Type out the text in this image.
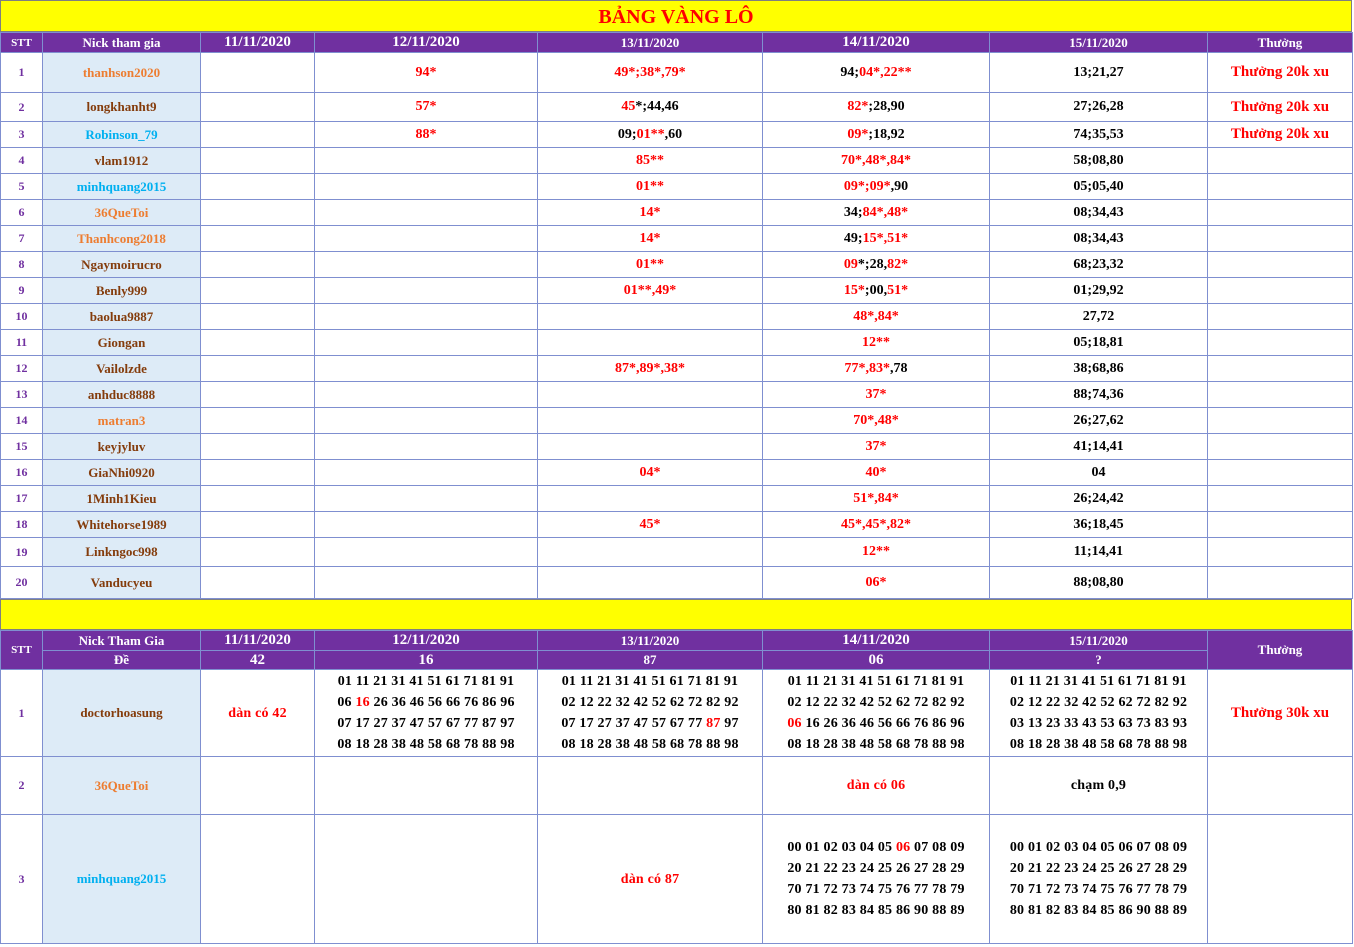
BẢNG VÀNG LÔ
STT	Nick tham gia	11/11/2020	12/11/2020	13/11/2020	14/11/2020	15/11/2020	Thưởng
1	thanhson2020		94*	49*;38*,79*	94;04*,22**	13;21,27	Thưởng 20k xu
2	longkhanht9		57*	45*;44,46	82*;28,90	27;26,28	Thưởng 20k xu
3	Robinson_79		88*	09;01**,60	09*;18,92	74;35,53	Thưởng 20k xu
4	vlam1912			85**	70*,48*,84*	58;08,80	
5	minhquang2015			01**	09*;09*,90	05;05,40	
6	36QueToi			14*	34;84*,48*	08;34,43	
7	Thanhcong2018			14*	49;15*,51*	08;34,43	
8	Ngaymoirucro			01**	09*;28,82*	68;23,32	
9	Benly999			01**,49*	15*;00,51*	01;29,92	
10	baolua9887				48*,84*	27,72	
11	Giongan				12**	05;18,81	
12	Vailolzde			87*,89*,38*	77*,83*,78	38;68,86	
13	anhduc8888				37*	88;74,36	
14	matran3				70*,48*	26;27,62	
15	keyjyluv				37*	41;14,41	
16	GiaNhi0920			04*	40*	04	
17	1Minh1Kieu				51*,84*	26;24,42	
18	Whitehorse1989			45*	45*,45*,82*	36;18,45	
19	Linkngoc998				12**	11;14,41	
20	Vanducyeu				06*	88;08,80	
STT	Nick Tham Gia	11/11/2020	12/11/2020	13/11/2020	14/11/2020	15/11/2020	Thưởng
	Đề	42	16	87	06	?	
1	doctorhoasung	dàn có 42	01 11 21 31 41 51 61 71 81 91
06 16 26 36 46 56 66 76 86 96
07 17 27 37 47 57 67 77 87 97
08 18 28 38 48 58 68 78 88 98	01 11 21 31 41 51 61 71 81 91
02 12 22 32 42 52 62 72 82 92
07 17 27 37 47 57 67 77 87 97
08 18 28 38 48 58 68 78 88 98	01 11 21 31 41 51 61 71 81 91
02 12 22 32 42 52 62 72 82 92
06 16 26 36 46 56 66 76 86 96
08 18 28 38 48 58 68 78 88 98	01 11 21 31 41 51 61 71 81 91
02 12 22 32 42 52 62 72 82 92
03 13 23 33 43 53 63 73 83 93
08 18 28 38 48 58 68 78 88 98	Thưởng 30k xu
2	36QueToi				dàn có 06	chạm 0,9	

3	minhquang2015			dàn có 87	00 01 02 03 04 05 06 07 08 09
20 21 22 23 24 25 26 27 28 29
70 71 72 73 74 75 76 77 78 79
80 81 82 83 84 85 86 90 88 89	00 01 02 03 04 05 06 07 08 09
20 21 22 23 24 25 26 27 28 29
70 71 72 73 74 75 76 77 78 79
80 81 82 83 84 85 86 90 88 89	
